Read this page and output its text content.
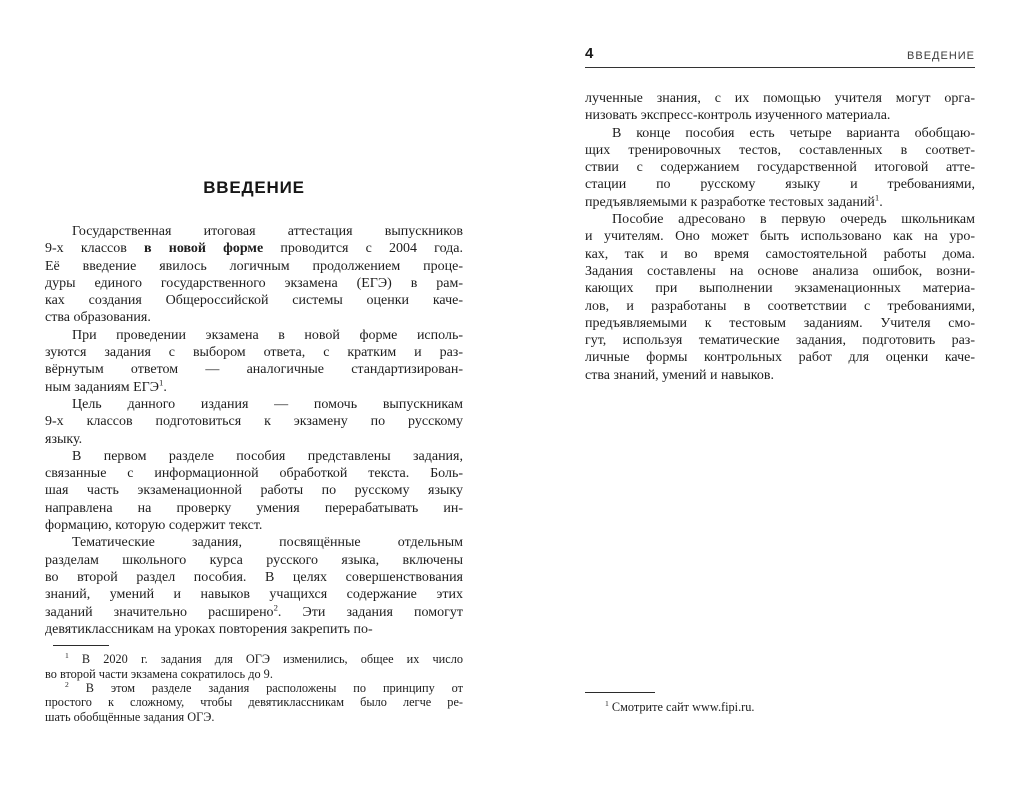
ВВЕДЕНИЕ
Государственная итоговая аттестация выпускников
9-х классов в новой форме проводится с 2004 года.
Её введение явилось логичным продолжением проце-
дуры единого государственного экзамена (ЕГЭ) в рам-
ках создания Общероссийской системы оценки каче-
ства образования.
При проведении экзамена в новой форме исполь-
зуются задания с выбором ответа, с кратким и раз-
вёрнутым ответом — аналогичные стандартизирован-
ным заданиям ЕГЭ$^1$.
Цель данного издания — помочь выпускникам
9-х классов подготовиться к экзамену по русскому
языку.
В первом разделе пособия представлены задания,
связанные с информационной обработкой текста. Боль-
шая часть экзаменационной работы по русскому языку
направлена на проверку умения перерабатывать ин-
формацию, которую содержит текст.
Тематические задания, посвящённые отдельным
разделам школьного курса русского языка, включены
во второй раздел пособия. В целях совершенствования
знаний, умений и навыков учащихся содержание этих
заданий значительно расширено$^2$. Эти задания помогут
девятиклассникам на уроках повторения закрепить по-
$^1$ В 2020 г. задания для ОГЭ изменились, общее их число
во второй части экзамена сократилось до 9.
$^2$ В этом разделе задания расположены по принципу от
простого к сложному, чтобы девятиклассникам было легче ре-
шать обобщённые задания ОГЭ.
4	ВВЕДЕНИЕ
лученные знания, с их помощью учителя могут орга-
низовать экспресс-контроль изученного материала.
В конце пособия есть четыре варианта обобщаю-
щих тренировочных тестов, составленных в соответ-
ствии с содержанием государственной итоговой атте-
стации по русскому языку и требованиями,
предъявляемыми к разработке тестовых заданий$^1$.
Пособие адресовано в первую очередь школьникам
и учителям. Оно может быть использовано как на уро-
ках, так и во время самостоятельной работы дома.
Задания составлены на основе анализа ошибок, возни-
кающих при выполнении экзаменационных материа-
лов, и разработаны в соответствии с требованиями,
предъявляемыми к тестовым заданиям. Учителя смо-
гут, используя тематические задания, подготовить раз-
личные формы контрольных работ для оценки каче-
ства знаний, умений и навыков.
$^1$ Смотрите сайт www.fipi.ru.
